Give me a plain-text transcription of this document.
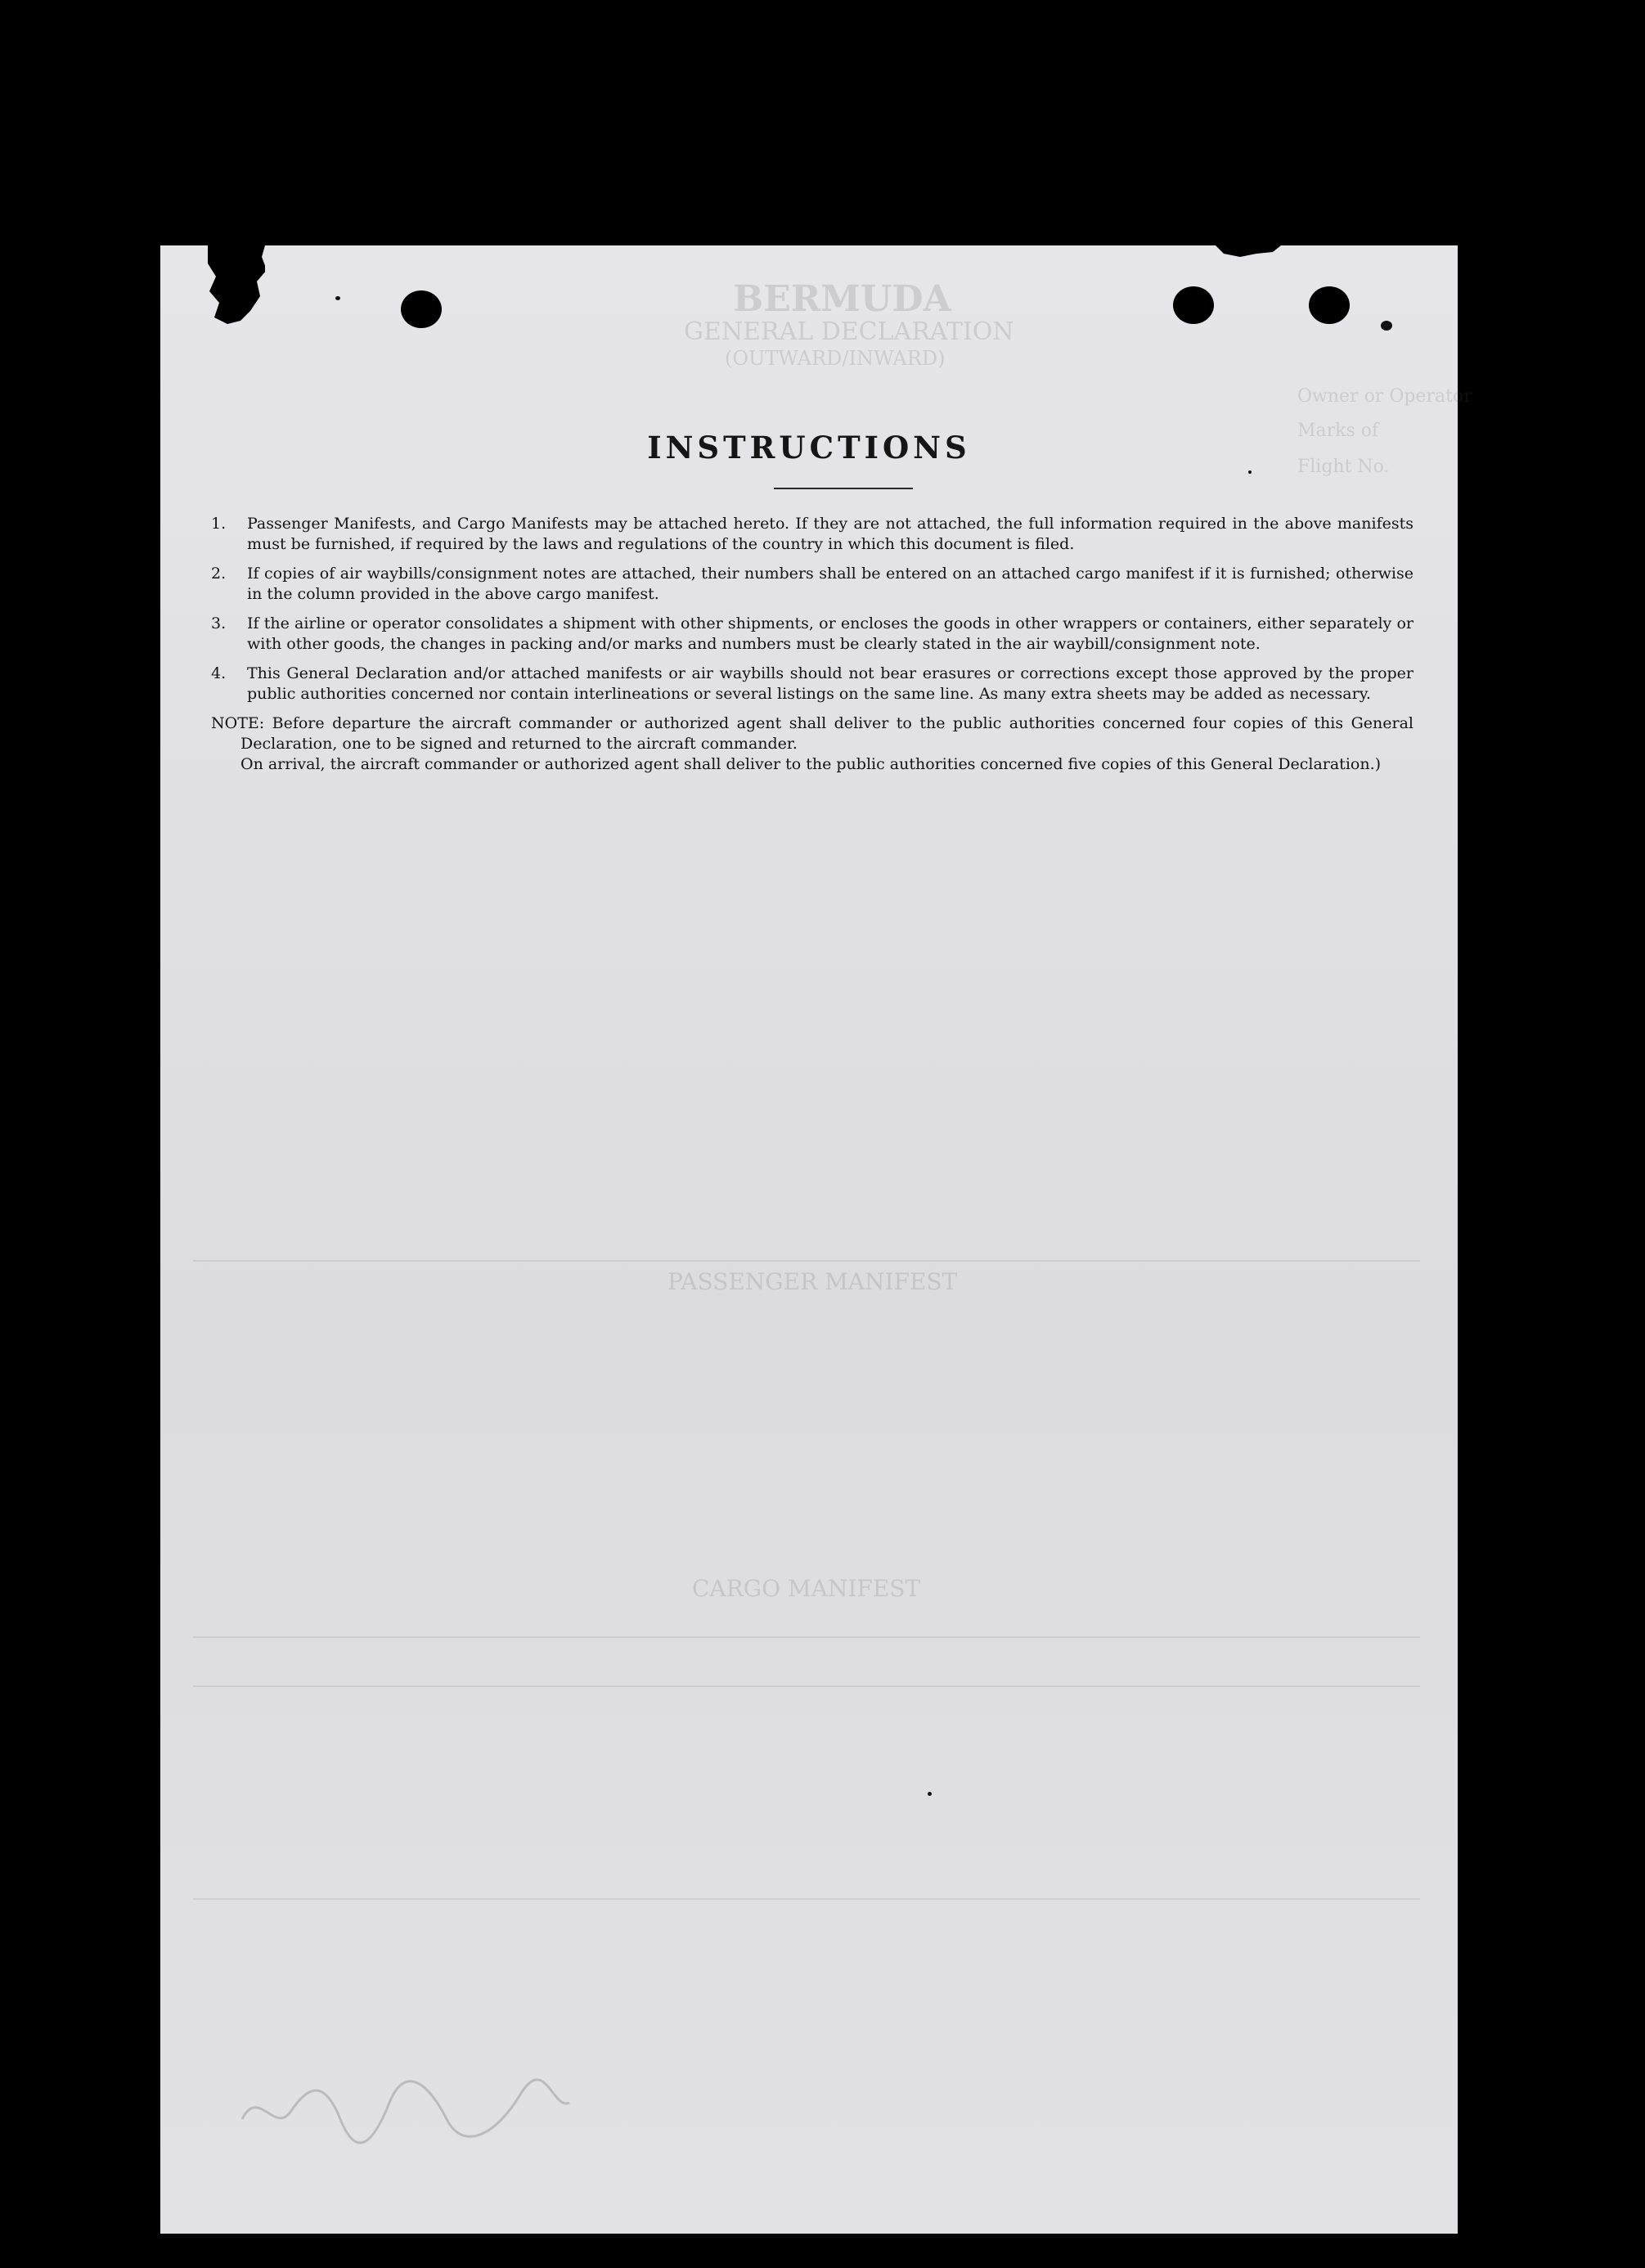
BERMUDA
GENERAL DECLARATION
(OUTWARD/INWARD)
Owner or Operator
Marks of
Flight No.
PASSENGER MANIFEST
CARGO MANIFEST
INSTRUCTIONS
1.	Passenger Manifests, and Cargo Manifests may be attached hereto. If they are not attached, the full information required in the above manifests must be furnished, if required by the laws and regulations of the country in which this document is filed.
2.	If copies of air waybills/consignment notes are attached, their numbers shall be entered on an attached cargo manifest if it is furnished; otherwise in the column provided in the above cargo manifest.
3.	If the airline or operator consolidates a shipment with other shipments, or encloses the goods in other wrappers or containers, either separately or with other goods, the changes in packing and/or marks and numbers must be clearly stated in the air waybill/consignment note.
4.	This General Declaration and/or attached manifests or air waybills should not bear erasures or corrections except those approved by the proper public authorities concerned nor contain interlineations or several listings on the same line. As many extra sheets may be added as necessary.
NOTE: Before departure the aircraft commander or authorized agent shall deliver to the public authorities concerned four copies of this General Declaration, one to be signed and returned to the aircraft commander.
On arrival, the aircraft commander or authorized agent shall deliver to the public authorities concerned five copies of this General Declaration.)
